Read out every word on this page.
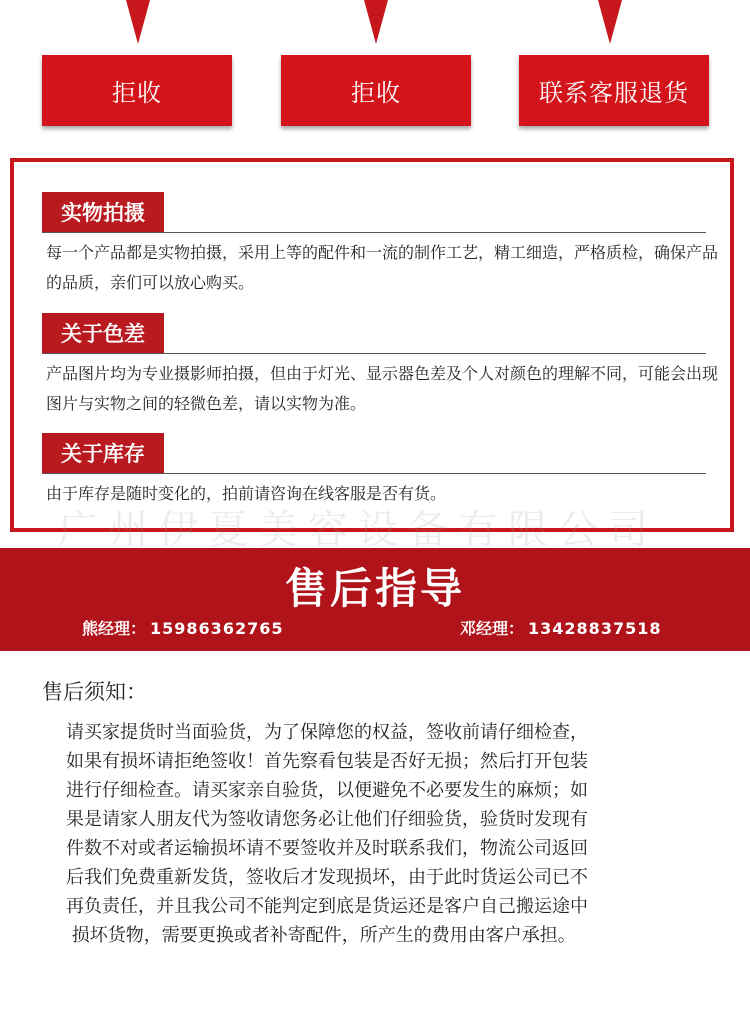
拒收	拒收	联系客服退货
实物拍摄
每一个产品都是实物拍摄，采用上等的配件和一流的制作工艺，精工细造，严格质检，确保产品的品质，亲们可以放心购买。
关于色差
产品图片均为专业摄影师拍摄，但由于灯光、显示器色差及个人对颜色的理解不同，可能会出现图片与实物之间的轻微色差，请以实物为准。
关于库存
由于库存是随时变化的，拍前请咨询在线客服是否有货。
广州伊夏美容设备有限公司
售后指导
熊经理： 15986362765	邓经理： 13428837518
售后须知：

请买家提货时当面验货，为了保障您的权益，签收前请仔细检查，

如果有损坏请拒绝签收！首先察看包装是否好无损；然后打开包装

进行仔细检查。请买家亲自验货，以便避免不必要发生的麻烦；如

果是请家人朋友代为签收请您务必让他们仔细验货，验货时发现有

件数不对或者运输损坏请不要签收并及时联系我们，物流公司返回

后我们免费重新发货，签收后才发现损坏，由于此时货运公司已不

再负责任，并且我公司不能判定到底是货运还是客户自己搬运途中

损坏货物，需要更换或者补寄配件，所产生的费用由客户承担。
